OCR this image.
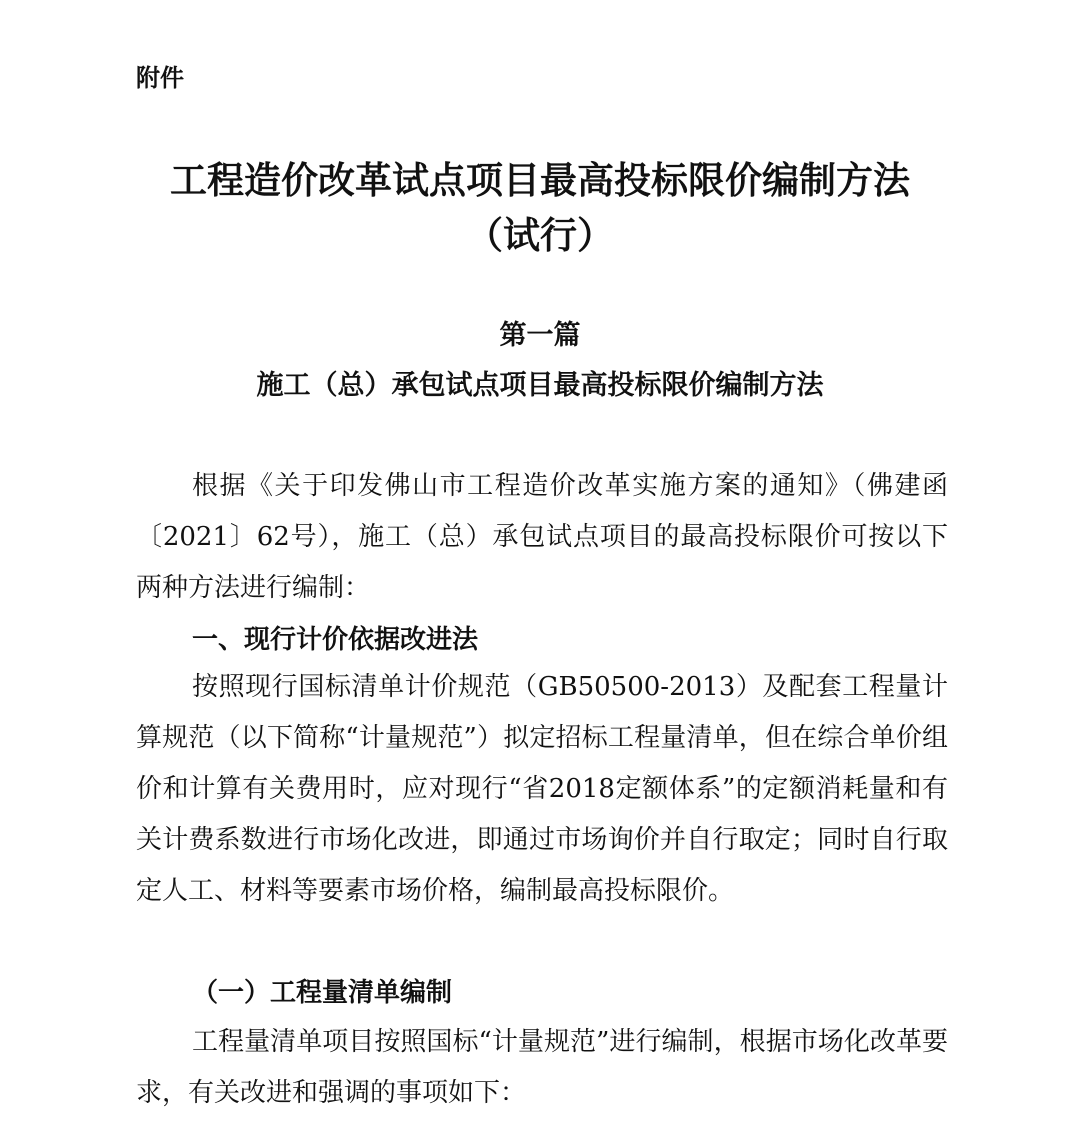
附件
工程造价改革试点项目最高投标限价编制方法
（试行）
第一篇
施工（总）承包试点项目最高投标限价编制方法
根据《关于印发佛山市工程造价改革实施方案的通知》（佛建函〔2021〕62号），施工（总）承包试点项目的最高投标限价可按以下两种方法进行编制：
一、现行计价依据改进法
按照现行国标清单计价规范（GB50500-2013）及配套工程量计算规范（以下简称“计量规范”）拟定招标工程量清单，但在综合单价组价和计算有关费用时，应对现行“省2018定额体系”的定额消耗量和有关计费系数进行市场化改进，即通过市场询价并自行取定；同时自行取定人工、材料等要素市场价格，编制最高投标限价。
（一）工程量清单编制
工程量清单项目按照国标“计量规范”进行编制，根据市场化改革要求，有关改进和强调的事项如下：
